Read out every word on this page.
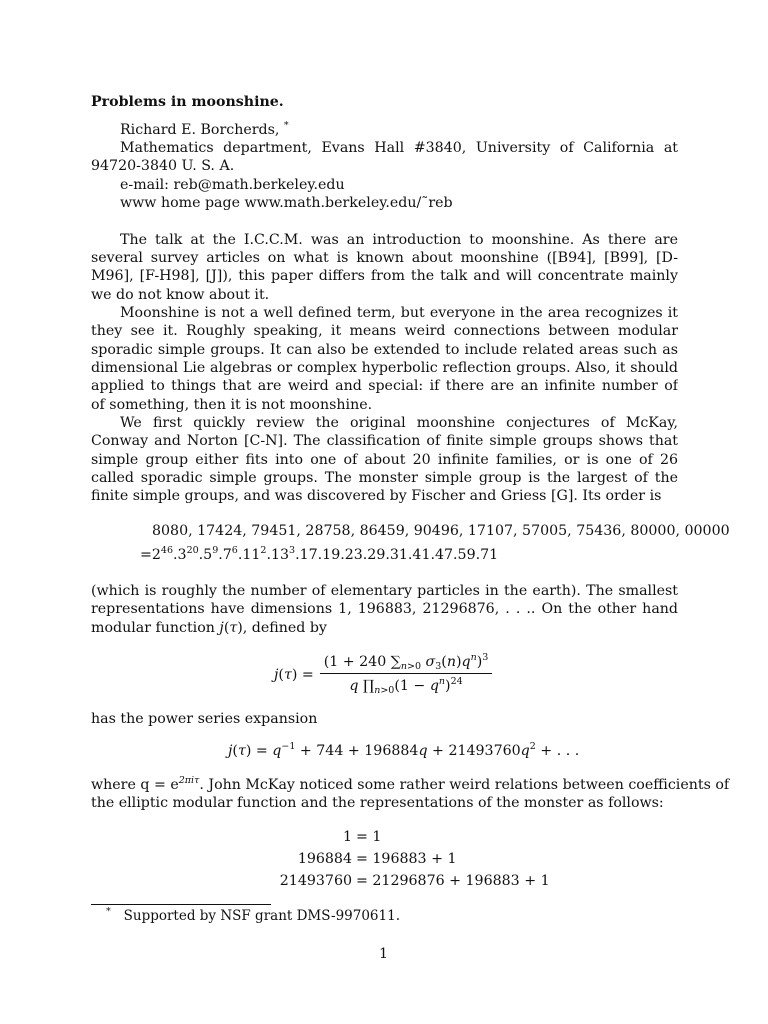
Problems in moonshine.
Richard E. Borcherds, *
Mathematics department, Evans Hall #3840, University of California at
94720-3840 U. S. A.
e-mail: reb@math.berkeley.edu
www home page www.math.berkeley.edu/˜reb
The talk at the I.C.C.M. was an introduction to moonshine. As there are
several survey articles on what is known about moonshine ([B94], [B99], [D-
M96], [F-H98], [J]), this paper differs from the talk and will concentrate mainly
we do not know about it.
Moonshine is not a well defined term, but everyone in the area recognizes it
they see it. Roughly speaking, it means weird connections between modular
sporadic simple groups. It can also be extended to include related areas such as
dimensional Lie algebras or complex hyperbolic reflection groups. Also, it should
applied to things that are weird and special: if there are an infinite number of
of something, then it is not moonshine.
We first quickly review the original moonshine conjectures of McKay,
Conway and Norton [C-N]. The classification of finite simple groups shows that
simple group either fits into one of about 20 infinite families, or is one of 26
called sporadic simple groups. The monster simple group is the largest of the
finite simple groups, and was discovered by Fischer and Griess [G]. Its order is
8080, 17424, 79451, 28758, 86459, 90496, 17107, 57005, 75436, 80000, 00000
$=2^{46}.3^{20}.5^9.7^6.11^2.13^3.17.19.23.29.31.41.47.59.71$
(which is roughly the number of elementary particles in the earth). The smallest
representations have dimensions 1, 196883, 21296876, . . .. On the other hand
modular function j(τ), defined by
j(τ) =
(1 + 240 $\sum_{n>0}$ $\sigma_3(n)q^n)^3$
q $\prod_{n>0}(1 - q^n)^{24}$
has the power series expansion
$j(\tau) = q^{-1} + 744 + 196884q + 21493760q^2$ + . . .
where $q = e^{2\pi i\tau}$. John McKay noticed some rather weird relations between coefficients of
the elliptic modular function and the representations of the monster as follows:
1 = 1
196884 = 196883 + 1
21493760 = 21296876 + 196883 + 1
* Supported by NSF grant DMS-9970611.
1
